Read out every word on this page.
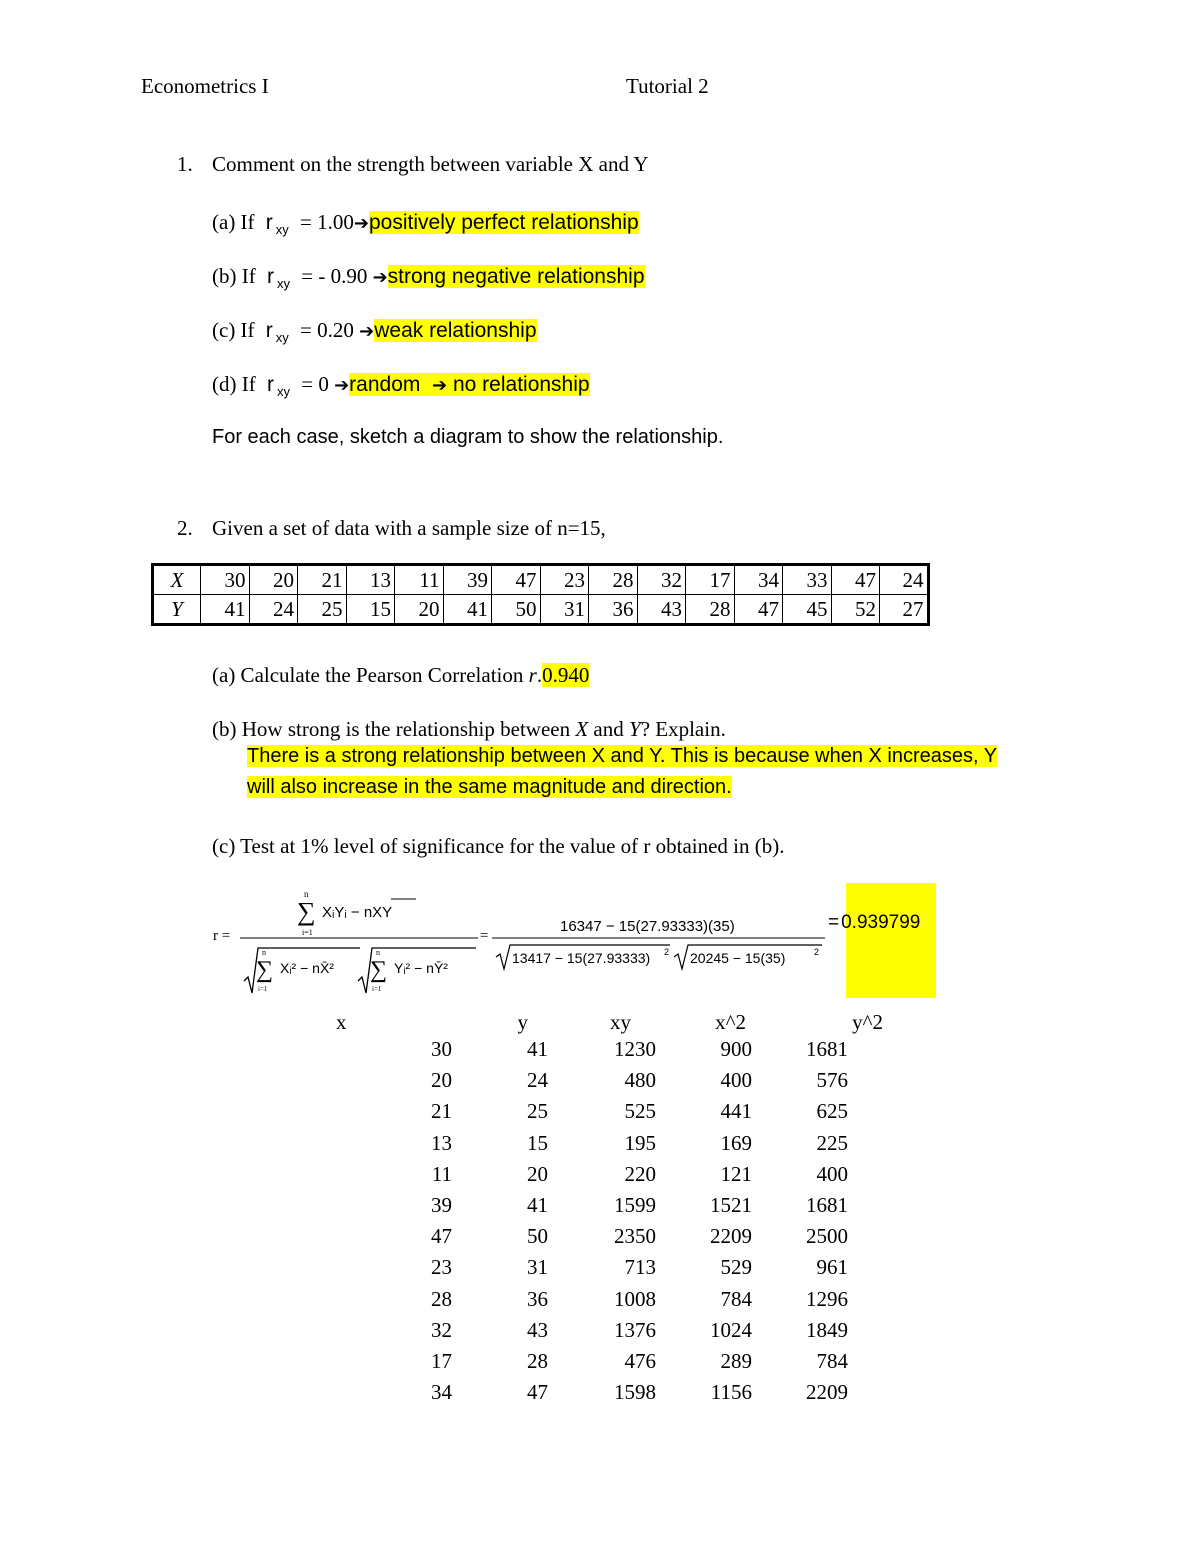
Econometrics I	Tutorial 2
1. Comment on the strength between variable X and Y
(a) If r $_{xy}$ = 1.00➔positively perfect relationship
(b) If r $_{xy}$ = - 0.90 ➔strong negative relationship
(c) If r $_{xy}$ = 0.20 ➔weak relationship
(d) If r $_{xy}$ = 0 ➔random ➔ no relationship
For each case, sketch a diagram to show the relationship.
2. Given a set of data with a sample size of n=15,
X	30	20	21	13	11	39	47	23	28	32	17	34	33	47	24
Y	41	24	25	15	20	41	50	31	36	43	28	47	45	52	27
(a) Calculate the Pearson Correlation r.0.940
(b) How strong is the relationship between X and Y? Explain.
There is a strong relationship between X and Y. This is because when X increases, Y
will also increase in the same magnitude and direction.
(c) Test at 1% level of significance for the value of r obtained in (b).
r =
n
∑
i=1
XᵢYᵢ − nXY
n
∑
i=1
Xᵢ² − nX̄²
n
∑
i=1
Yᵢ² − nȲ²
=
16347 − 15(27.93333)(35)
13417 − 15(27.93333) 2 20245 − 15(35)	2
= 0.939799
x	y	xy	x^2	y^2
30	41	1230	900	1681
20	24	480	400	576
21	25	525	441	625
13	15	195	169	225
11	20	220	121	400
39	41	1599	1521	1681
47	50	2350	2209	2500
23	31	713	529	961
28	36	1008	784	1296
32	43	1376	1024	1849
17	28	476	289	784
34	47	1598	1156	2209
